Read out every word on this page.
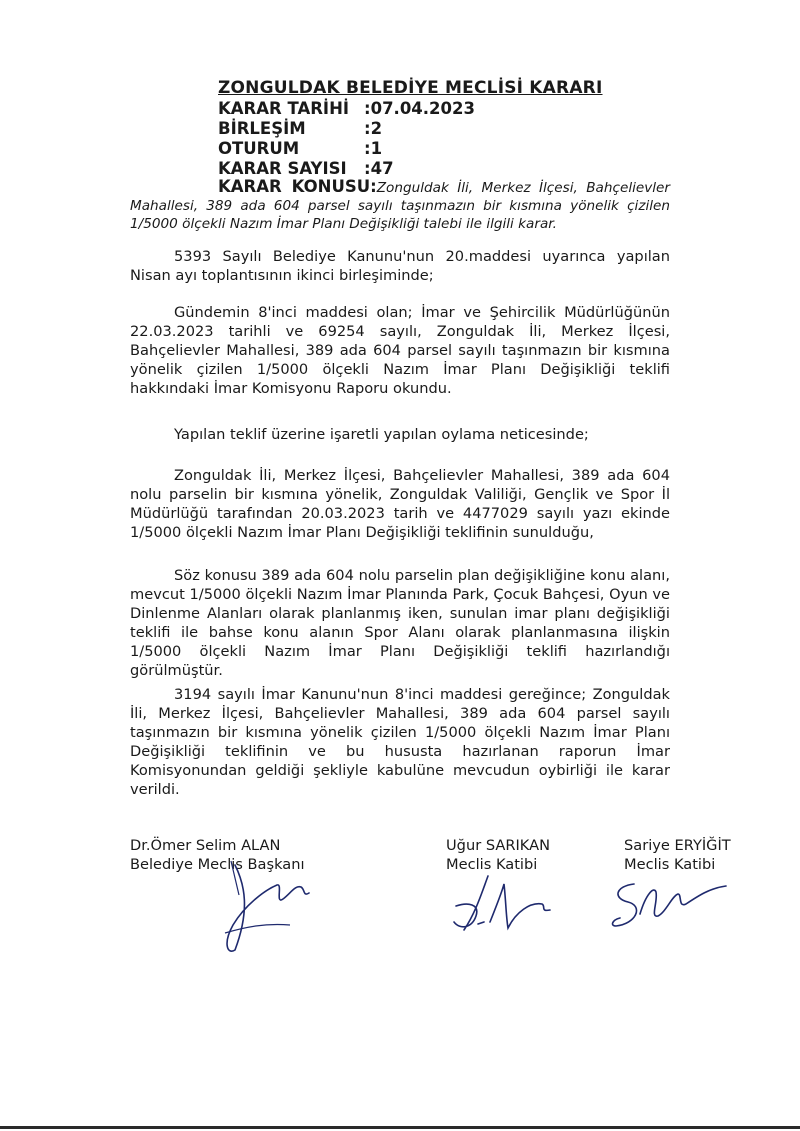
ZONGULDAK BELEDİYE MECLİSİ KARARI
KARAR TARİHİ :07.04.2023
BİRLEŞİM	:2
OTURUM	:1
KARAR SAYISI :47
KARAR KONUSU:Zonguldak İli, Merkez İlçesi, Bahçelievler Mahallesi, 389 ada 604 parsel sayılı taşınmazın bir kısmına yönelik çizilen 1/5000 ölçekli Nazım İmar Planı Değişikliği talebi ile ilgili karar.

5393 Sayılı Belediye Kanunu'nun 20.maddesi uyarınca yapılan Nisan ayı toplantısının ikinci birleşiminde;

Gündemin 8'inci maddesi olan; İmar ve Şehircilik Müdürlüğünün 22.03.2023 tarihli ve 69254 sayılı, Zonguldak İli, Merkez İlçesi, Bahçelievler Mahallesi, 389 ada 604 parsel sayılı taşınmazın bir kısmına yönelik çizilen 1/5000 ölçekli Nazım İmar Planı Değişikliği teklifi hakkındaki İmar Komisyonu Raporu okundu.

Yapılan teklif üzerine işaretli yapılan oylama neticesinde;

Zonguldak İli, Merkez İlçesi, Bahçelievler Mahallesi, 389 ada 604 nolu parselin bir kısmına yönelik, Zonguldak Valiliği, Gençlik ve Spor İl Müdürlüğü tarafından 20.03.2023 tarih ve 4477029 sayılı yazı ekinde 1/5000 ölçekli Nazım İmar Planı Değişikliği teklifinin sunulduğu,

Söz konusu 389 ada 604 nolu parselin plan değişikliğine konu alanı, mevcut 1/5000 ölçekli Nazım İmar Planında Park, Çocuk Bahçesi, Oyun ve Dinlenme Alanları olarak planlanmış iken, sunulan imar planı değişikliği teklifi ile bahse konu alanın Spor Alanı olarak planlanmasına ilişkin 1/5000 ölçekli Nazım İmar Planı Değişikliği teklifi hazırlandığı görülmüştür.

3194 sayılı İmar Kanunu'nun 8'inci maddesi gereğince; Zonguldak İli, Merkez İlçesi, Bahçelievler Mahallesi, 389 ada 604 parsel sayılı taşınmazın bir kısmına yönelik çizilen 1/5000 ölçekli Nazım İmar Planı Değişikliği teklifinin ve bu hususta hazırlanan raporun İmar Komisyonundan geldiği şekliyle kabulüne mevcudun oybirliği ile karar verildi.

Dr.Ömer Selim ALAN
Belediye Meclis Başkanı
Uğur SARIKAN
Meclis Katibi
Sariye ERYİĞİT
Meclis Katibi
